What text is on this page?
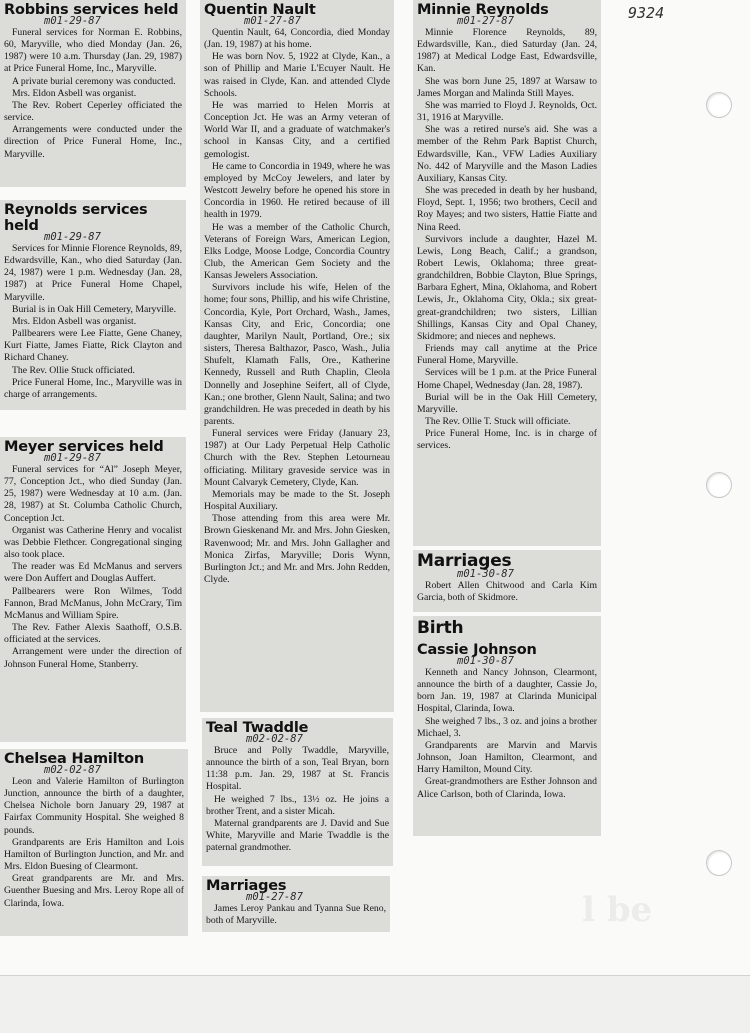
9324
l be
Robbins services held
m01-29-87

Funeral services for Norman E. Robbins, 60, Maryville, who died Monday (Jan. 26, 1987) were 10 a.m. Thursday (Jan. 29, 1987) at Price Funeral Home, Inc., Maryville.

A private burial ceremony was conducted.

Mrs. Eldon Asbell was organist.

The Rev. Robert Ceperley officiated the service.

Arrangements were conducted under the direction of Price Funeral Home, Inc., Maryville.

Reynolds services held
m01-29-87

Services for Minnie Florence Reynolds, 89, Edwardsville, Kan., who died Saturday (Jan. 24, 1987) were 1 p.m. Wednesday (Jan. 28, 1987) at Price Funeral Home Chapel, Maryville.

Burial is in Oak Hill Cemetery, Maryville.

Mrs. Eldon Asbell was organist.

Pallbearers were Lee Fiatte, Gene Chaney, Kurt Fiatte, James Fiatte, Rick Clayton and Richard Chaney.

The Rev. Ollie Stuck officiated.

Price Funeral Home, Inc., Maryville was in charge of arrangements.

Meyer services held
m01-29-87

Funeral services for “Al” Joseph Meyer, 77, Conception Jct., who died Sunday (Jan. 25, 1987) were Wednesday at 10 a.m. (Jan. 28, 1987) at St. Columba Catholic Church, Conception Jct.

Organist was Catherine Henry and vocalist was Debbie Flethcer. Congregational singing also took place.

The reader was Ed McManus and servers were Don Auffert and Douglas Auffert.

Pallbearers were Ron Wilmes, Todd Fannon, Brad McManus, John McCrary, Tim McManus and William Spire.

The Rev. Father Alexis Saathoff, O.S.B. officiated at the services.

Arrangement were under the direction of Johnson Funeral Home, Stanberry.

Chelsea Hamilton
m02-02-87

Leon and Valerie Hamilton of Burlington Junction, announce the birth of a daughter, Chelsea Nichole born January 29, 1987 at Fairfax Community Hospital. She weighed 8 pounds.

Grandparents are Eris Hamilton and Lois Hamilton of Burlington Junction, and Mr. and Mrs. Eldon Buesing of Clearmont.

Great grandparents are Mr. and Mrs. Guenther Buesing and Mrs. Leroy Rope all of Clarinda, Iowa.

Quentin Nault
m01-27-87

Quentin Nault, 64, Concordia, died Monday (Jan. 19, 1987) at his home.

He was born Nov. 5, 1922 at Clyde, Kan., a son of Phillip and Marie L'Ecuyer Nault. He was raised in Clyde, Kan. and attended Clyde Schools.

He was married to Helen Morris at Conception Jct. He was an Army veteran of World War II, and a graduate of watchmaker's school in Kansas City, and a certified gemologist.

He came to Concordia in 1949, where he was employed by McCoy Jewelers, and later by Westcott Jewelry before he opened his store in Concordia in 1960. He retired because of ill health in 1979.

He was a member of the Catholic Church, Veterans of Foreign Wars, American Legion, Elks Lodge, Moose Lodge, Concordia Country Club, the American Gem Society and the Kansas Jewelers Association.

Survivors include his wife, Helen of the home; four sons, Phillip, and his wife Christine, Concordia, Kyle, Port Orchard, Wash., James, Kansas City, and Eric, Concordia; one daughter, Marilyn Nault, Portland, Ore.; six sisters, Theresa Balthazor, Pasco, Wash., Julia Shufelt, Klamath Falls, Ore., Katherine Kennedy, Russell and Ruth Chaplin, Cleola Donnelly and Josephine Seifert, all of Clyde, Kan.; one brother, Glenn Nault, Salina; and two grandchildren. He was preceded in death by his parents.

Funeral services were Friday (January 23, 1987) at Our Lady Perpetual Help Catholic Church with the Rev. Stephen Letourneau officiating. Military graveside service was in Mount Calvaryk Cemetery, Clyde, Kan.

Memorials may be made to the St. Joseph Hospital Auxiliary.

Those attending from this area were Mr. Brown Gieskenand Mr. and Mrs. John Giesken, Ravenwood; Mr. and Mrs. John Gallagher and Monica Zirfas, Maryville; Doris Wynn, Burlington Jct.; and Mr. and Mrs. John Redden, Clyde.

Teal Twaddle
m02-02-87

Bruce and Polly Twaddle, Maryville, announce the birth of a son, Teal Bryan, born 11:38 p.m. Jan. 29, 1987 at St. Francis Hospital.

He weighed 7 lbs., 13½ oz. He joins a brother Trent, and a sister Micah.

Maternal grandparents are J. David and Sue White, Maryville and Marie Twaddle is the paternal grandmother.

Marriages
m01-27-87

James Leroy Pankau and Tyanna Sue Reno, both of Maryville.

Minnie Reynolds
m01-27-87

Minnie Florence Reynolds, 89, Edwardsville, Kan., died Saturday (Jan. 24, 1987) at Medical Lodge East, Edwardsville, Kan.

She was born June 25, 1897 at Warsaw to James Morgan and Malinda Still Mayes.

She was married to Floyd J. Reynolds, Oct. 31, 1916 at Maryville.

She was a retired nurse's aid. She was a member of the Rehm Park Baptist Church, Edwardsville, Kan., VFW Ladies Auxiliary No. 442 of Maryville and the Mason Ladies Auxiliary, Kansas City.

She was preceded in death by her husband, Floyd, Sept. 1, 1956; two brothers, Cecil and Roy Mayes; and two sisters, Hattie Fiatte and Nina Reed.

Survivors include a daughter, Hazel M. Lewis, Long Beach, Calif.; a grandson, Robert Lewis, Oklahoma; three great-grandchildren, Bobbie Clayton, Blue Springs, Barbara Eghert, Mina, Oklahoma, and Robert Lewis, Jr., Oklahoma City, Okla.; six great-great-grandchildren; two sisters, Lillian Shillings, Kansas City and Opal Chaney, Skidmore; and nieces and nephews.

Friends may call anytime at the Price Funeral Home, Maryville.

Services will be 1 p.m. at the Price Funeral Home Chapel, Wednesday (Jan. 28, 1987).

Burial will be in the Oak Hill Cemetery, Maryville.

The Rev. Ollie T. Stuck will officiate.

Price Funeral Home, Inc. is in charge of services.

Marriages
m01-30-87

Robert Allen Chitwood and Carla Kim Garcia, both of Skidmore.

Birth
Cassie Johnson
m01-30-87

Kenneth and Nancy Johnson, Clearmont, announce the birth of a daughter, Cassie Jo, born Jan. 19, 1987 at Clarinda Municipal Hospital, Clarinda, Iowa.

She weighed 7 lbs., 3 oz. and joins a brother Michael, 3.

Grandparents are Marvin and Marvis Johnson, Joan Hamilton, Clearmont, and Harry Hamilton, Mound City.

Great-grandmothers are Esther Johnson and Alice Carlson, both of Clarinda, Iowa.
